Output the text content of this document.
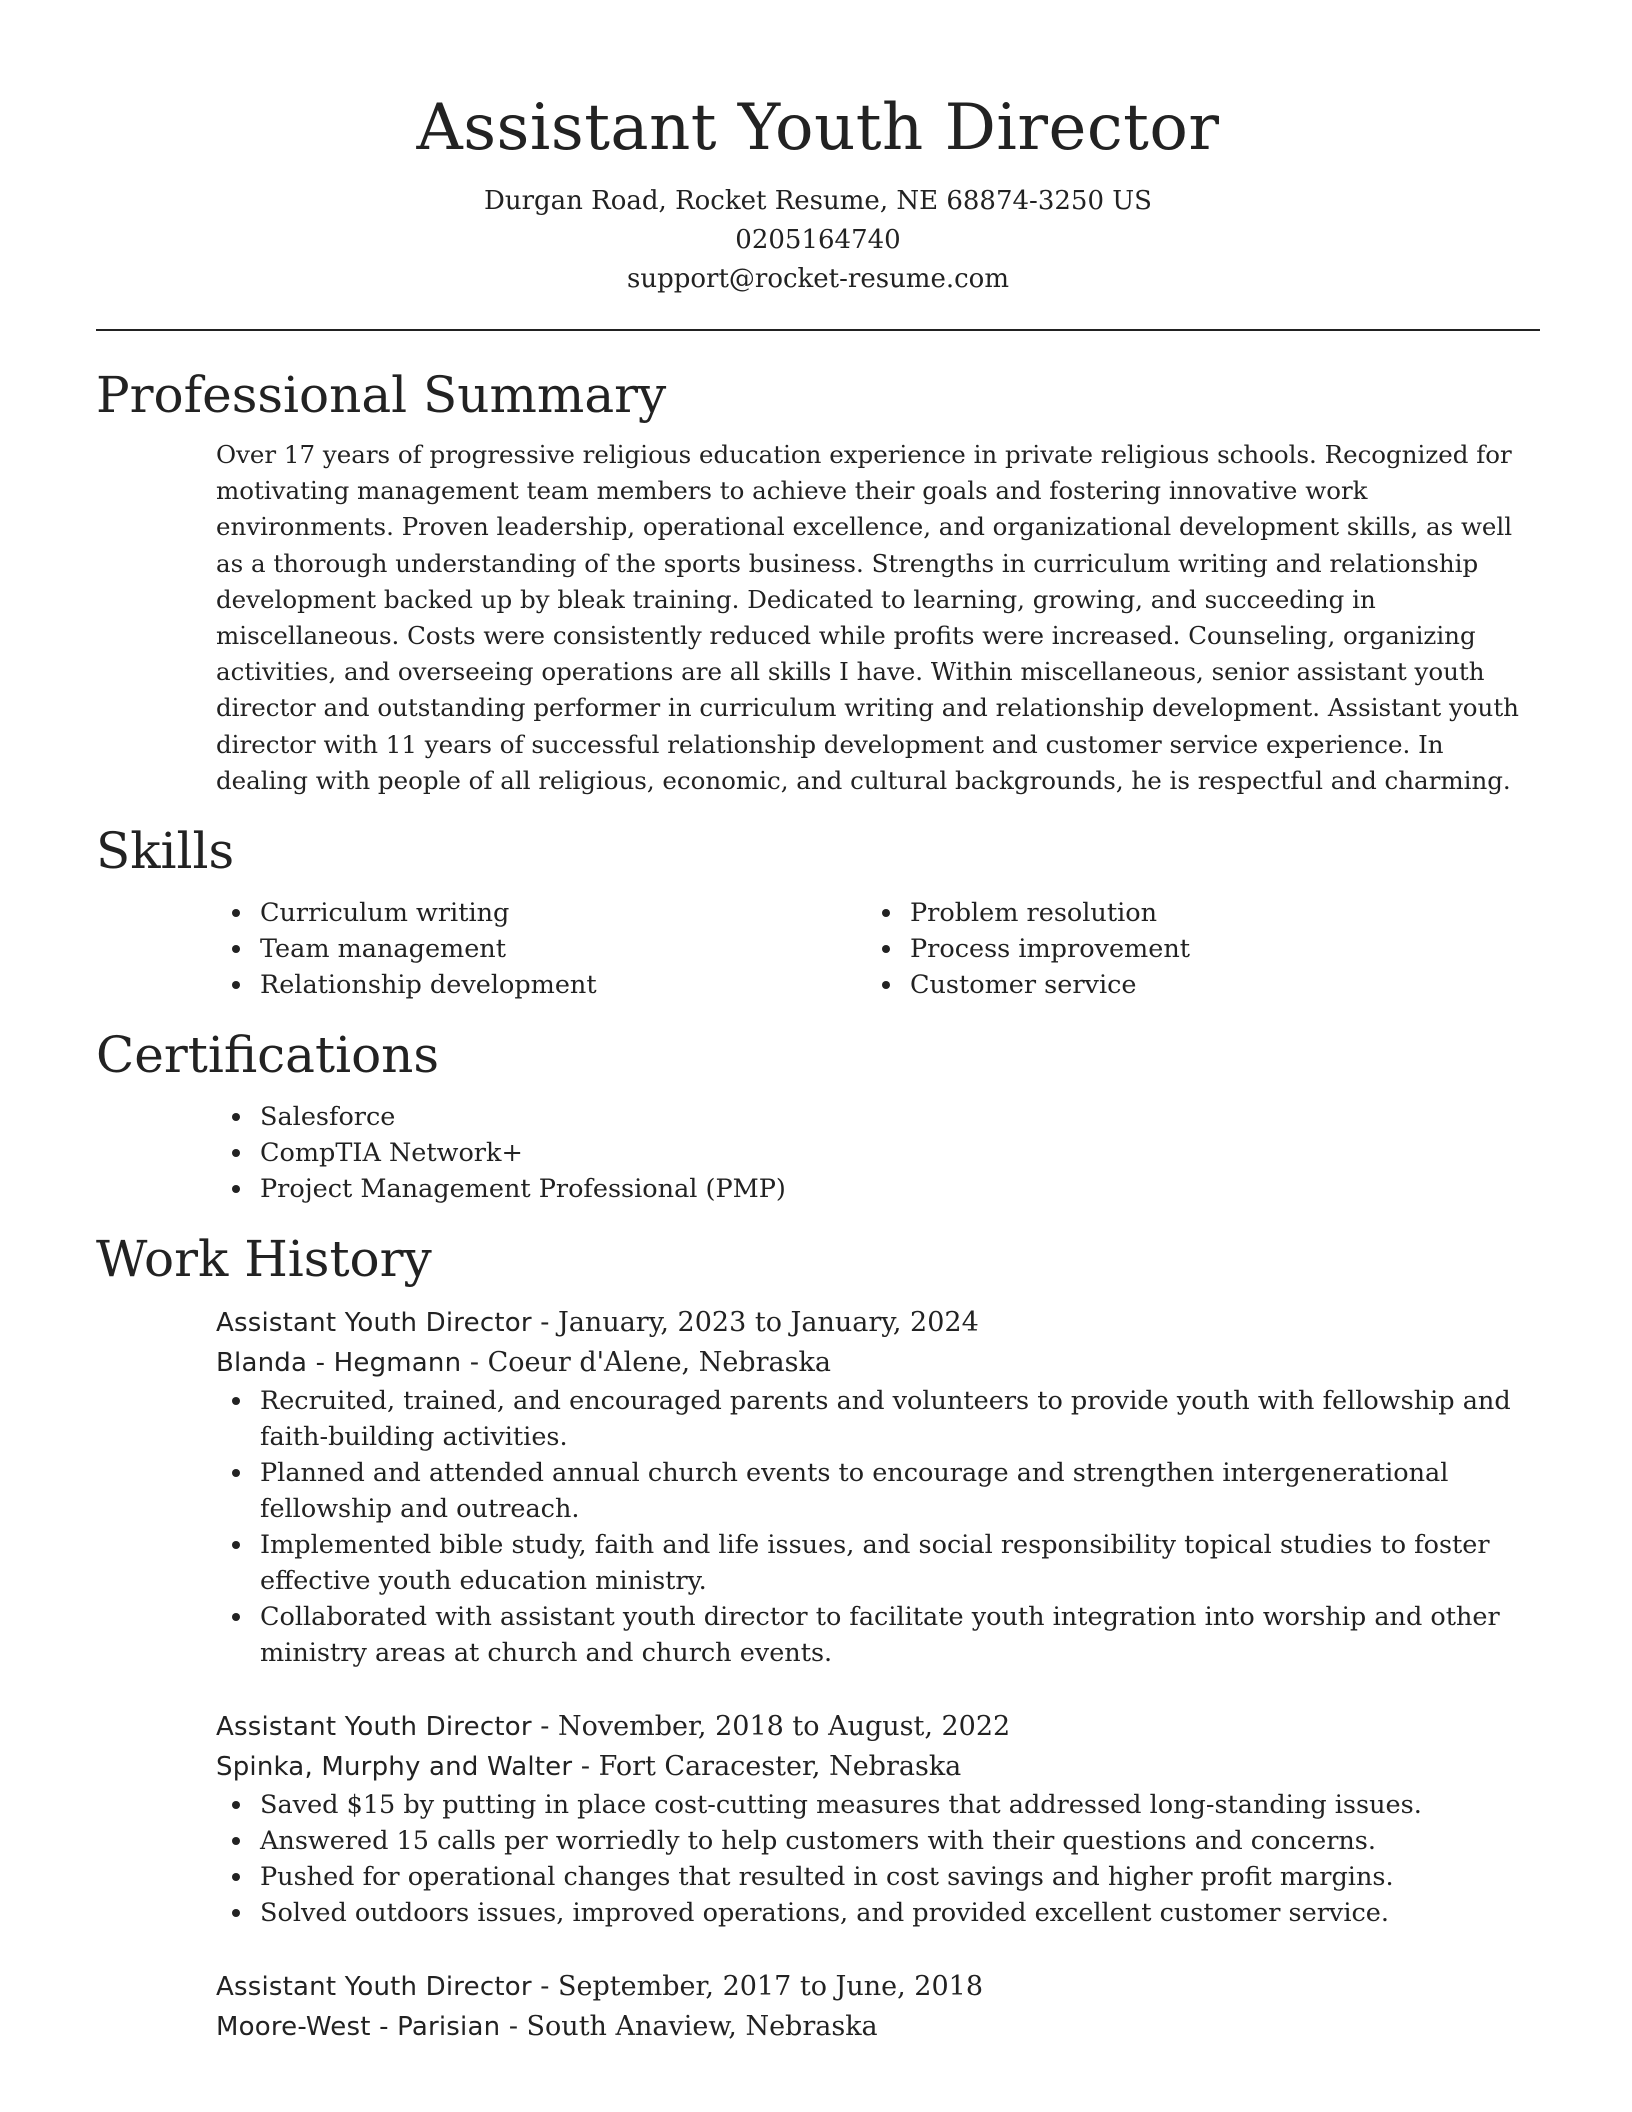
Assistant Youth Director
Durgan Road, Rocket Resume, NE 68874-3250 US
0205164740
support@rocket-resume.com
Professional Summary
Over 17 years of progressive religious education experience in private religious schools. Recognized for motivating management team members to achieve their goals and fostering innovative work environments. Proven leadership, operational excellence, and organizational development skills, as well as a thorough understanding of the sports business. Strengths in curriculum writing and relationship development backed up by bleak training. Dedicated to learning, growing, and succeeding in miscellaneous. Costs were consistently reduced while profits were increased. Counseling, organizing activities, and overseeing operations are all skills I have. Within miscellaneous, senior assistant youth director and outstanding performer in curriculum writing and relationship development. Assistant youth director with 11 years of successful relationship development and customer service experience. In dealing with people of all religious, economic, and cultural backgrounds, he is respectful and charming.
Skills
Curriculum writing
Team management
Relationship development
Problem resolution
Process improvement
Customer service
Certifications
Salesforce
CompTIA Network+
Project Management Professional (PMP)
Work History
Assistant Youth Director - January, 2023 to January, 2024
Blanda - Hegmann - Coeur d'Alene, Nebraska
Recruited, trained, and encouraged parents and volunteers to provide youth with fellowship and faith-building activities.
Planned and attended annual church events to encourage and strengthen intergenerational fellowship and outreach.
Implemented bible study, faith and life issues, and social responsibility topical studies to foster effective youth education ministry.
Collaborated with assistant youth director to facilitate youth integration into worship and other ministry areas at church and church events.
Assistant Youth Director - November, 2018 to August, 2022
Spinka, Murphy and Walter - Fort Caracester, Nebraska
Saved $15 by putting in place cost-cutting measures that addressed long-standing issues.
Answered 15 calls per worriedly to help customers with their questions and concerns.
Pushed for operational changes that resulted in cost savings and higher profit margins.
Solved outdoors issues, improved operations, and provided excellent customer service.
Assistant Youth Director - September, 2017 to June, 2018
Moore-West - Parisian - South Anaview, Nebraska
